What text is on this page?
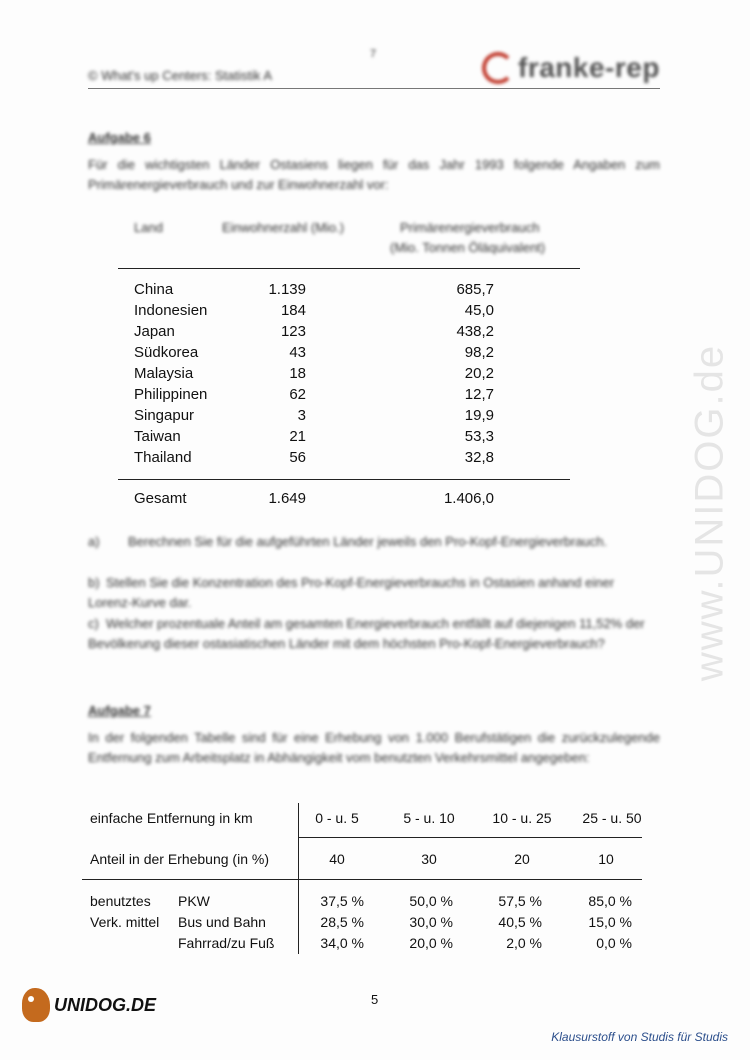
7
© What's up Centers: Statistik A	franke-rep
www.UNIDOG.de
Aufgabe 6
Für die wichtigsten Länder Ostasiens liegen für das Jahr 1993 folgende Angaben zum Primärenergieverbrauch und zur Einwohnerzahl vor:
Land	Einwohnerzahl (Mio.)	Primärenergieverbrauch
(Mio. Tonnen Öläquivalent)
China	1.139	685,7
Indonesien	184	45,0
Japan	123	438,2
Südkorea	43	98,2
Malaysia	18	20,2
Philippinen	62	12,7
Singapur	3	19,9
Taiwan	21	53,3
Thailand	56	32,8
Gesamt	1.649	1.406,0
a) Berechnen Sie für die aufgeführten Länder jeweils den Pro-Kopf-Energieverbrauch.
b) Stellen Sie die Konzentration des Pro-Kopf-Energieverbrauchs in Ostasien anhand einer Lorenz-Kurve dar.
c) Welcher prozentuale Anteil am gesamten Energieverbrauch entfällt auf diejenigen 11,52% der Bevölkerung dieser ostasiatischen Länder mit dem höchsten Pro-Kopf-Energieverbrauch?
Aufgabe 7
In der folgenden Tabelle sind für eine Erhebung von 1.000 Berufstätigen die zurückzulegende Entfernung zum Arbeitsplatz in Abhängigkeit vom benutzten Verkehrsmittel angegeben:
einfache Entfernung in km	0 - u. 5	5 - u. 10	10 - u. 25	25 - u. 50
Anteil in der Erhebung (in %)	40	30	20	10
benutztes
Verk. mittel
PKW	37,5 %	50,0 %	57,5 %	85,0 %
Bus und Bahn	28,5 %	30,0 %	40,5 %	15,0 %
Fahrrad/zu Fuß	34,0 %	20,0 %	2,0 %	0,0 %
5
UNIDOG.DE
Klausurstoff von Studis für Studis
